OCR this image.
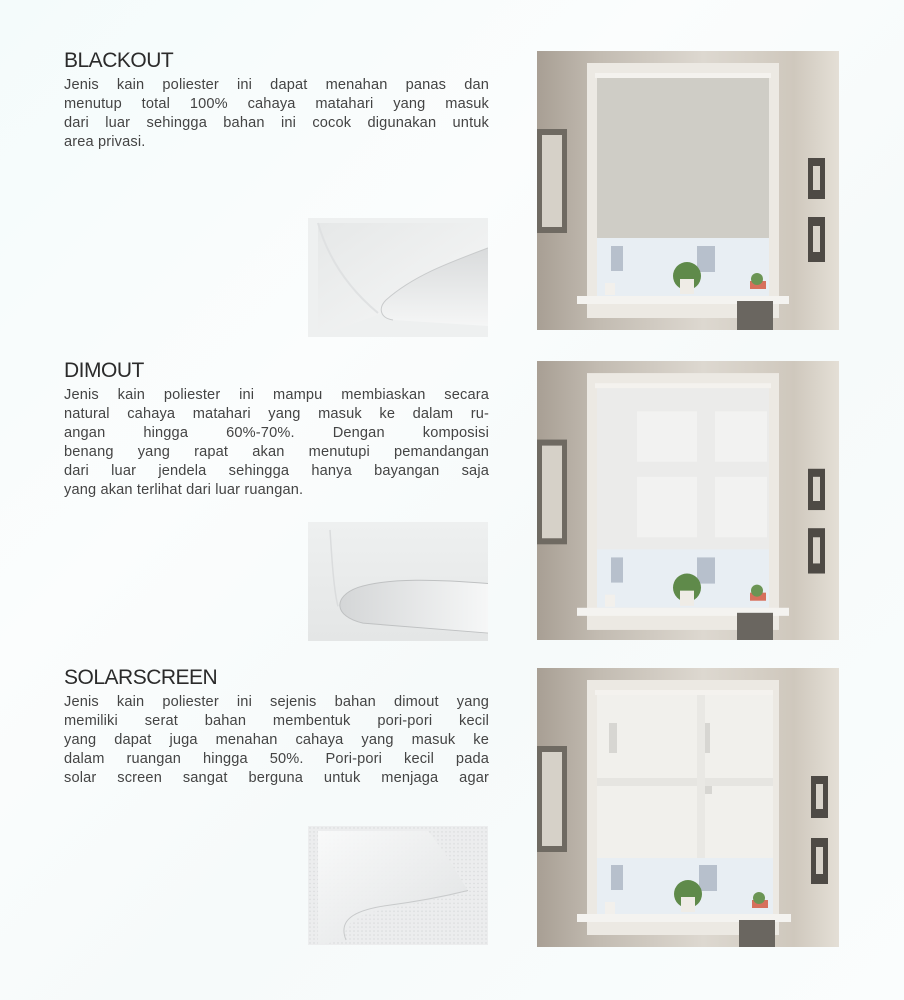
BLACKOUT
Jenis kain poliester ini dapat menahan panas dan
menutup total 100% cahaya matahari yang masuk
dari luar sehingga bahan ini cocok digunakan untuk
area privasi.
DIMOUT
Jenis kain poliester ini mampu membiaskan secara
natural cahaya matahari yang masuk ke dalam ru-
angan hingga 60%-70%. Dengan komposisi
benang yang rapat akan menutupi pemandangan
dari luar jendela sehingga hanya bayangan saja
yang akan terlihat dari luar ruangan.
SOLARSCREEN
Jenis kain poliester ini sejenis bahan dimout yang
memiliki serat bahan membentuk pori-pori kecil
yang dapat juga menahan cahaya yang masuk ke
dalam ruangan hingga 50%. Pori-pori kecil pada
solar screen sangat berguna untuk menjaga agar
